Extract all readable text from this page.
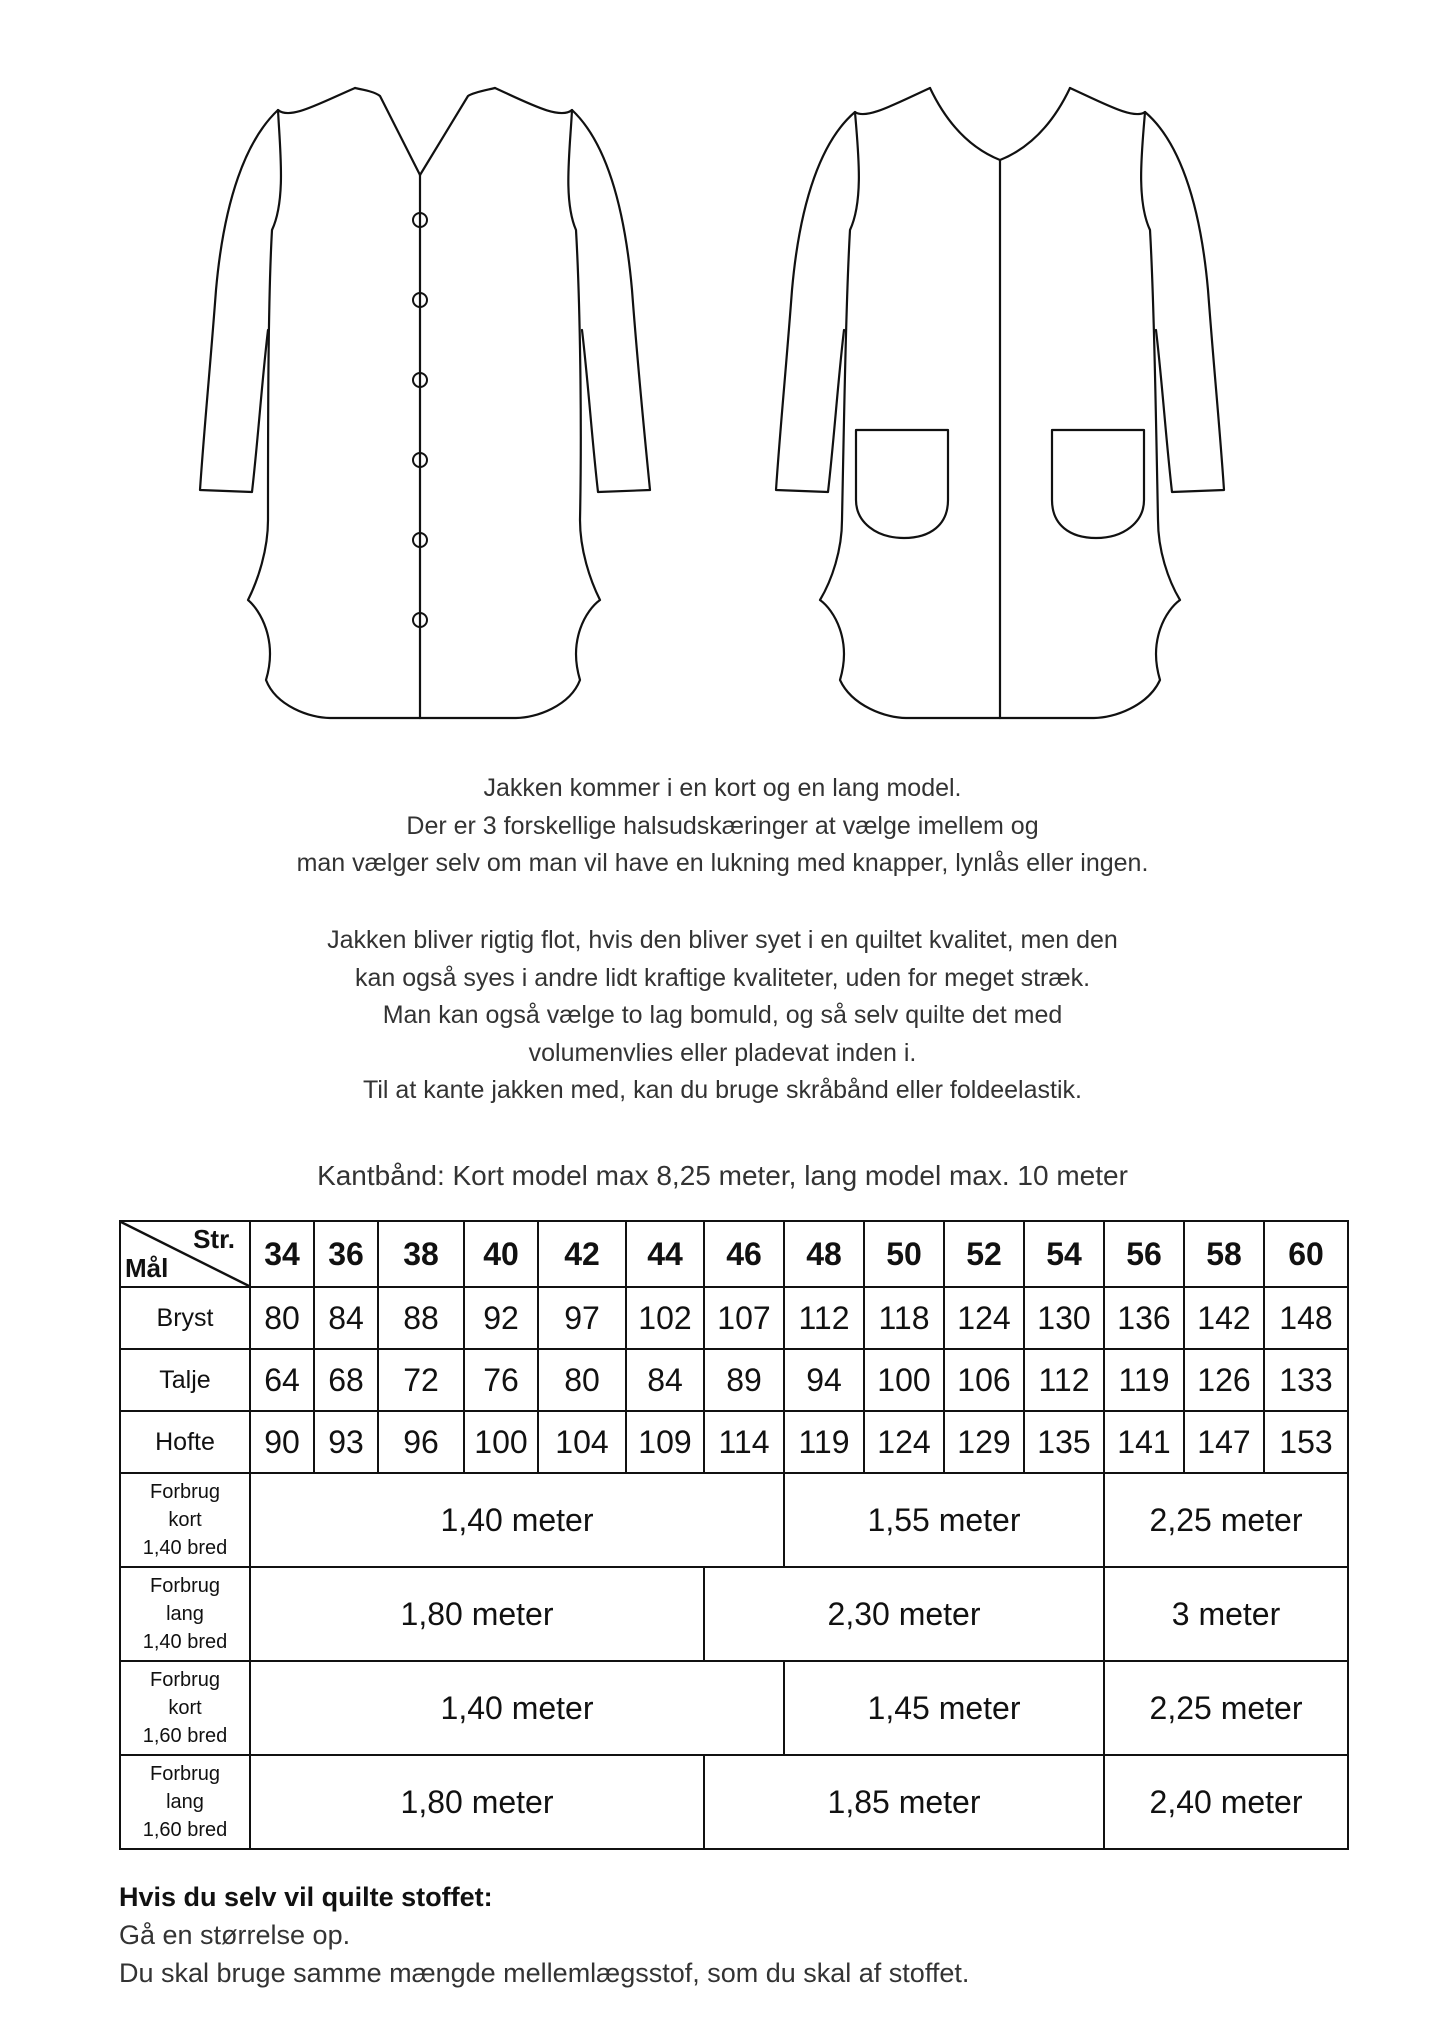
Jakken kommer i en kort og en lang model.

Der er 3 forskellige halsudskæringer at vælge imellem og

man vælger selv om man vil have en lukning med knapper, lynlås eller ingen.

Jakken bliver rigtig flot, hvis den bliver syet i en quiltet kvalitet, men den

kan også syes i andre lidt kraftige kvaliteter, uden for meget stræk.

Man kan også vælge to lag bomuld, og så selv quilte det med

volumenvlies eller pladevat inden i.

Til at kante jakken med, kan du bruge skråbånd eller foldeelastik.

Kantbånd: Kort model max 8,25 meter, lang model max. 10 meter
Str.
Mål	34	36	38	40	42	44	46	48	50	52	54	56	58	60
Bryst	80	84	88	92	97	102	107	112	118	124	130	136	142	148
Talje	64	68	72	76	80	84	89	94	100	106	112	119	126	133
Hofte	90	93	96	100	104	109	114	119	124	129	135	141	147	153

Forbrug
kort
1,40 bred	1,40 meter							1,55 meter				2,25 meter		

Forbrug
lang
1,40 bred	1,80 meter						2,30 meter					3 meter		

Forbrug
kort
1,60 bred	1,40 meter							1,45 meter				2,25 meter		

Forbrug
lang
1,60 bred	1,80 meter						1,85 meter					2,40 meter		
Hvis du selv vil quilte stoffet:

Gå en størrelse op.

Du skal bruge samme mængde mellemlægsstof, som du skal af stoffet.
